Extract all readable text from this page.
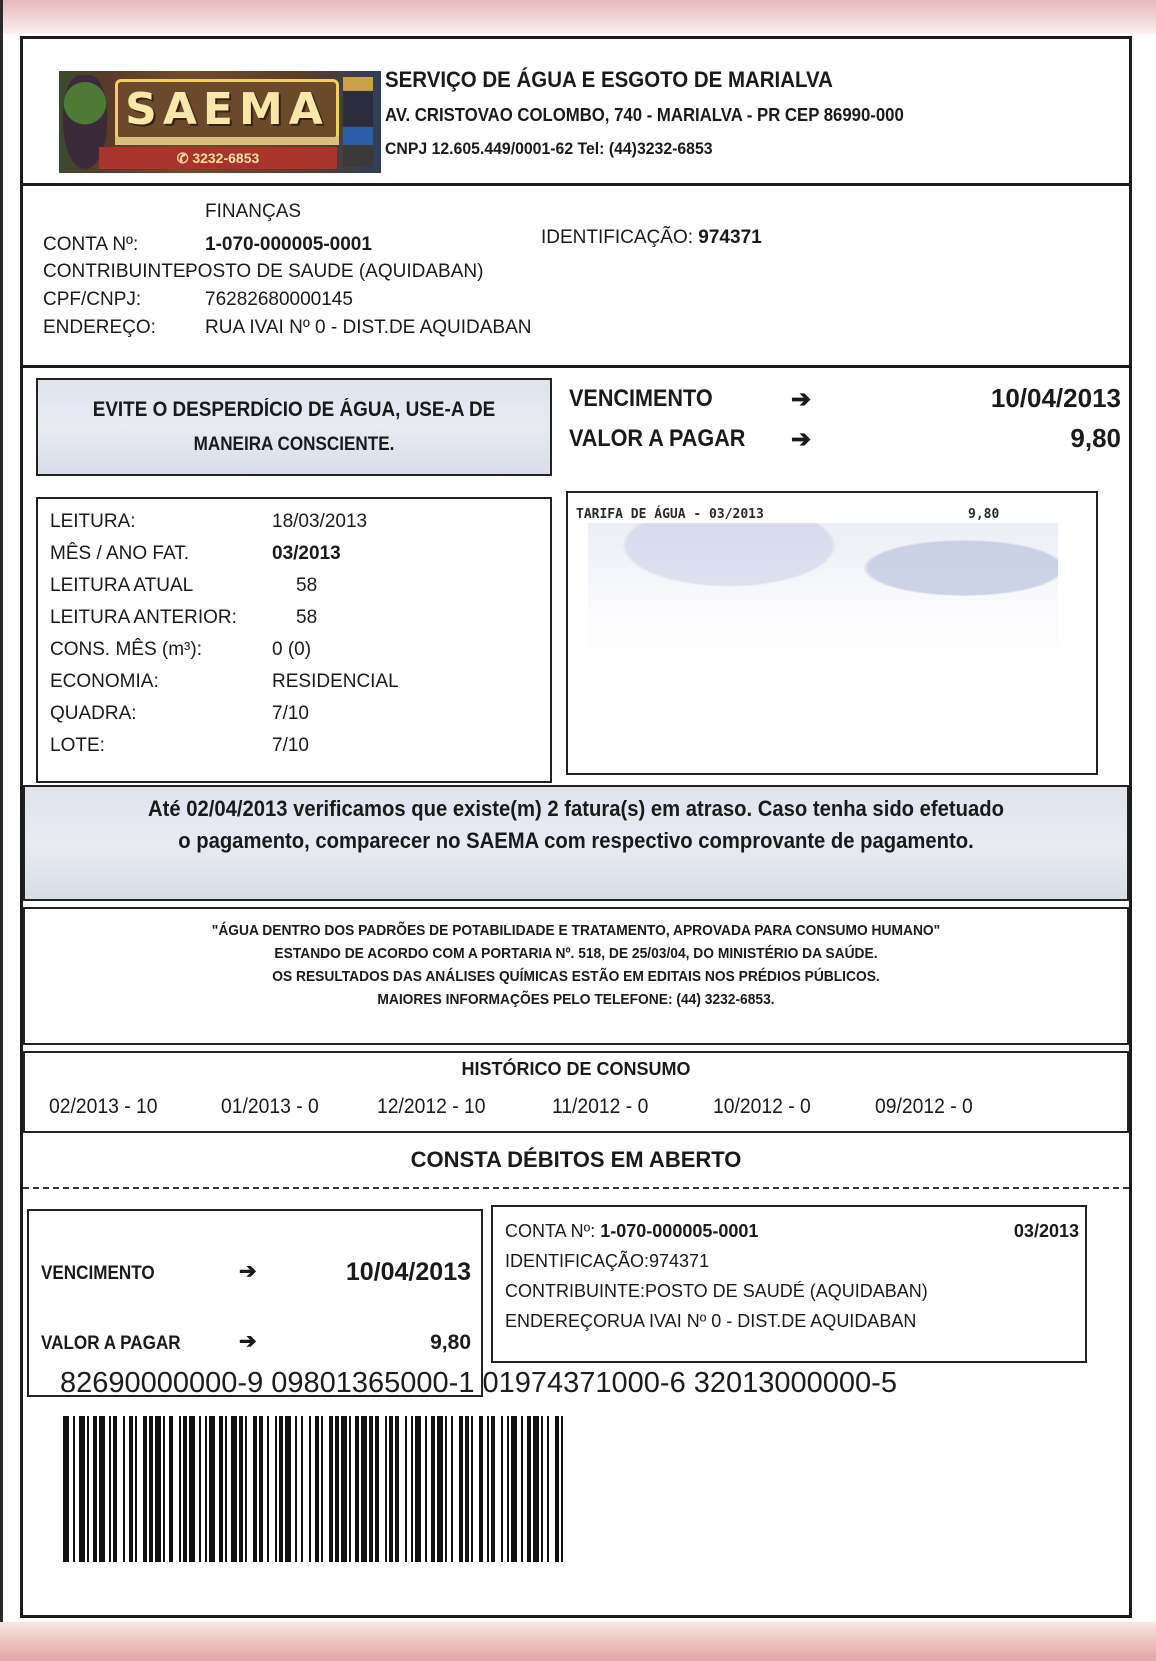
SAEMA
✆ 3232-6853
SERVIÇO DE ÁGUA E ESGOTO DE MARIALVA
AV. CRISTOVAO COLOMBO, 740 - MARIALVA - PR CEP 86990-000
CNPJ 12.605.449/0001-62 Tel: (44)3232-6853
FINANÇAS
CONTA Nº:	1-070-000005-0001	IDENTIFICAÇÃO: 974371
CONTRIBUINTE:
POSTO DE SAUDE (AQUIDABAN)
CPF/CNPJ:	76282680000145
ENDEREÇO:	RUA IVAI Nº 0 - DIST.DE AQUIDABAN
EVITE O DESPERDÍCIO DE ÁGUA, USE-A DE
MANEIRA CONSCIENTE.
VENCIMENTO	➔	10/04/2013
VALOR A PAGAR ➔	9,80
LEITURA:	18/03/2013
MÊS / ANO FAT.	03/2013
LEITURA ATUAL	58
LEITURA ANTERIOR:	58
CONS. MÊS (m³):	0 (0)
ECONOMIA:	RESIDENCIAL
QUADRA:	7/10
LOTE:	7/10
TARIFA DE ÁGUA - 03/2013	9,80
Até 02/04/2013 verificamos que existe(m) 2 fatura(s) em atraso. Caso tenha sido efetuado
o pagamento, comparecer no SAEMA com respectivo comprovante de pagamento.
"ÁGUA DENTRO DOS PADRÕES DE POTABILIDADE E TRATAMENTO, APROVADA PARA CONSUMO HUMANO"
ESTANDO DE ACORDO COM A PORTARIA Nº. 518, DE 25/03/04, DO MINISTÉRIO DA SAÚDE.
OS RESULTADOS DAS ANÁLISES QUÍMICAS ESTÃO EM EDITAIS NOS PRÉDIOS PÚBLICOS.
MAIORES INFORMAÇÕES PELO TELEFONE: (44) 3232-6853.
HISTÓRICO DE CONSUMO
02/2013 - 10	01/2013 - 0	12/2012 - 10	11/2012 - 0	10/2012 - 0	09/2012 - 0
CONSTA DÉBITOS EM ABERTO
VENCIMENTO	➔	10/04/2013
VALOR A PAGAR	➔	9,80
CONTA Nº: 1-070-000005-0001	03/2013
IDENTIFICAÇÃO:974371
CONTRIBUINTE:POSTO DE SAUDÉ (AQUIDABAN)
ENDEREÇORUA IVAI Nº 0 - DIST.DE AQUIDABAN
82690000000-9 09801365000-1 01974371000-6 32013000000-5
